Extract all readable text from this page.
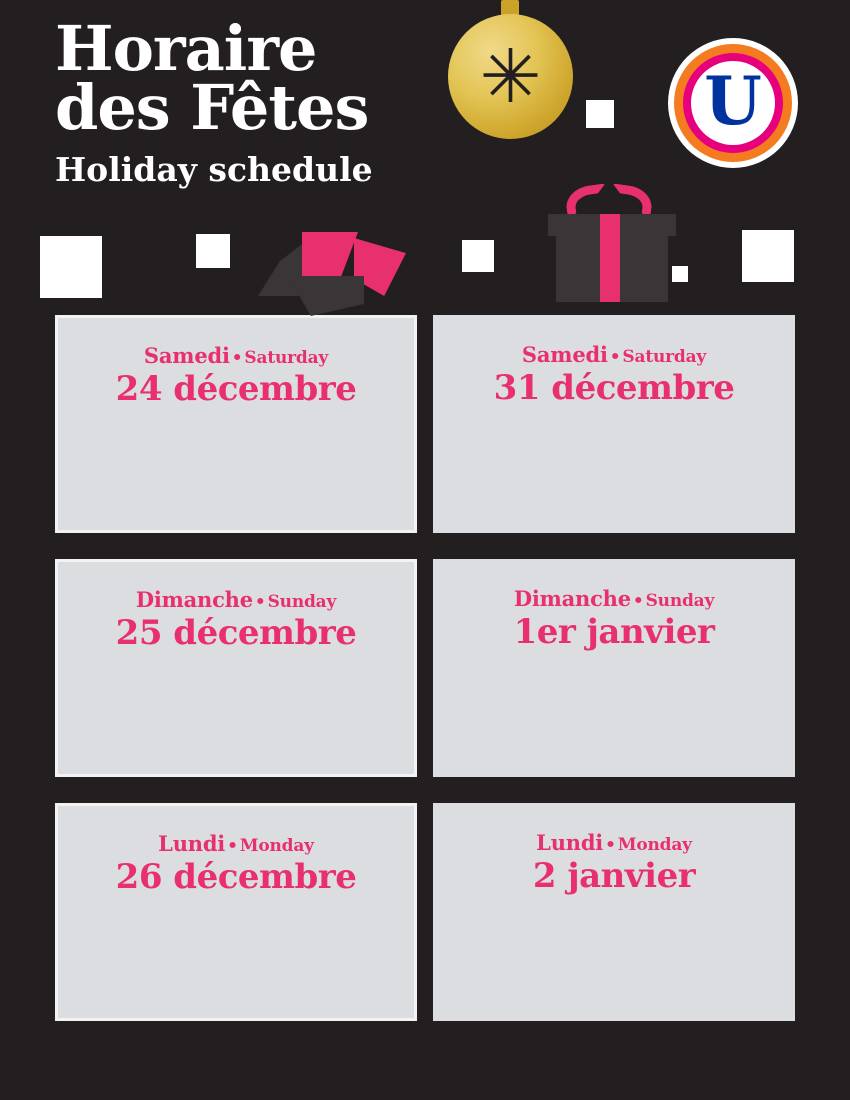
Horaire
des Fêtes
Holiday schedule
✳ U
Samedi • Saturday
24 décembre
Samedi • Saturday
31 décembre
Dimanche • Sunday
25 décembre
Dimanche • Sunday
1er janvier
Lundi • Monday
26 décembre
Lundi • Monday
2 janvier
